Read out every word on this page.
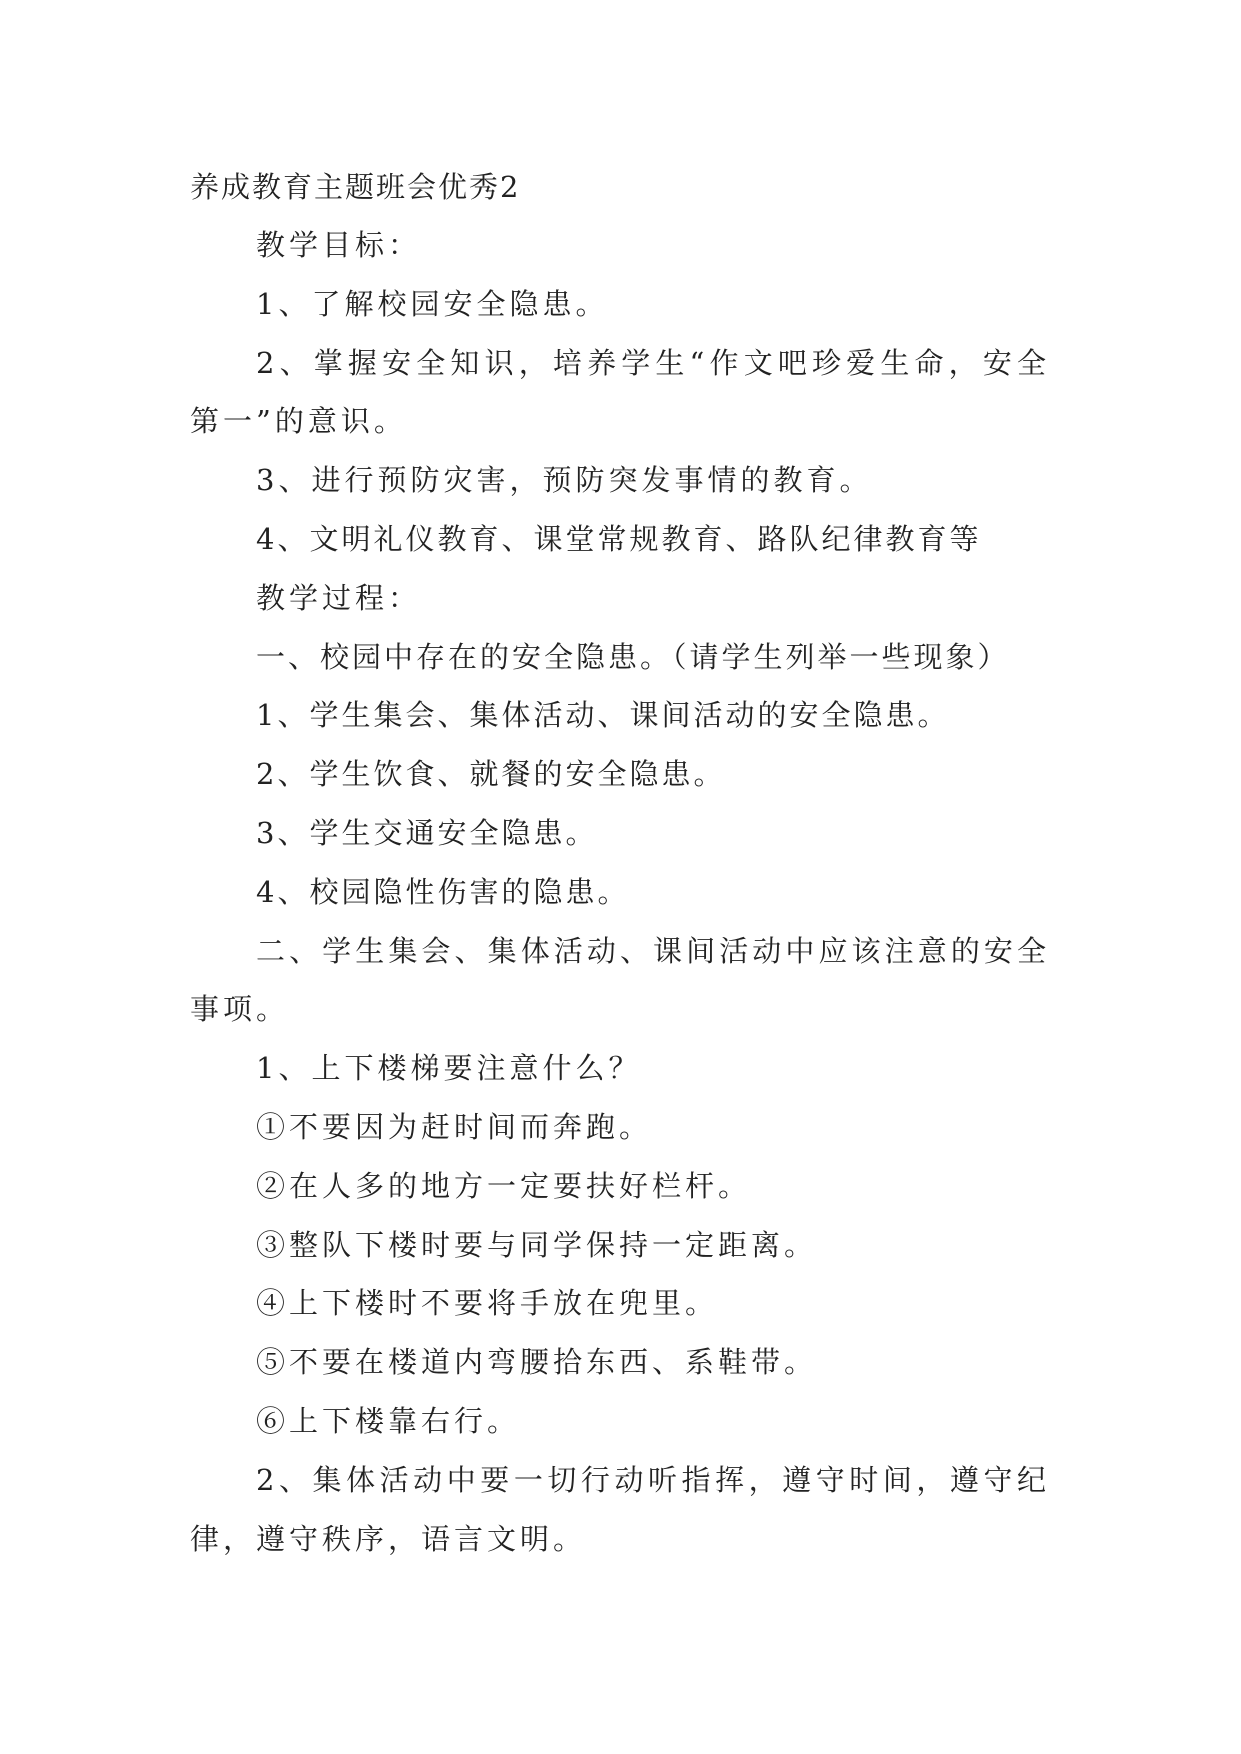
养成教育主题班会优秀2

教学目标：

1、了解校园安全隐患。

2、掌握安全知识，培养学生“作文吧珍爱生命，安全第一”的意识。

3、进行预防灾害，预防突发事情的教育。

4、文明礼仪教育、课堂常规教育、路队纪律教育等

教学过程：

一、校园中存在的安全隐患。（请学生列举一些现象）

1、学生集会、集体活动、课间活动的安全隐患。

2、学生饮食、就餐的安全隐患。

3、学生交通安全隐患。

4、校园隐性伤害的隐患。

二、学生集会、集体活动、课间活动中应该注意的安全事项。

1、上下楼梯要注意什么？

①不要因为赶时间而奔跑。

②在人多的地方一定要扶好栏杆。

③整队下楼时要与同学保持一定距离。

④上下楼时不要将手放在兜里。

⑤不要在楼道内弯腰拾东西、系鞋带。

⑥上下楼靠右行。

2、集体活动中要一切行动听指挥，遵守时间，遵守纪律，遵守秩序，语言文明。
